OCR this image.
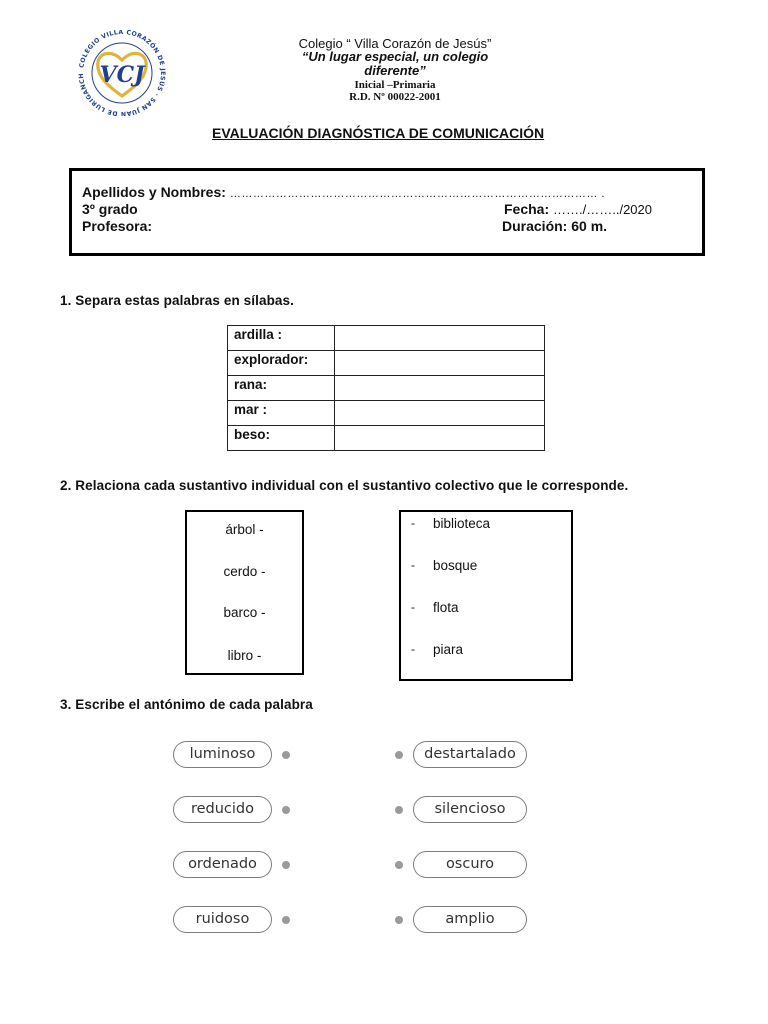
COLEGIO VILLA CORAZÓN DE JESÚS · SAN JUAN DE LURIGANCH VCJ
Colegio “ Villa Corazón de Jesús”
“Un lugar especial, un colegio
diferente”
Inicial –Primaria
R.D. Nº 00022-2001
EVALUACIÓN DIAGNÓSTICA DE COMUNICACIÓN
Apellidos y Nombres: …………………………………………………………………………………… .
3º grado	Fecha: ……./……../2020
Profesora:	Duración: 60 m.
1. Separa estas palabras en sílabas.
ardilla :	
explorador:	
rana:	
mar :	
beso:	
2. Relaciona cada sustantivo individual con el sustantivo colectivo que le corresponde.
árbol -
cerdo -
barco -
libro -
- biblioteca
- bosque
- flota
- piara
3. Escribe el antónimo de cada palabra
luminoso	destartalado
reducido	silencioso
ordenado	oscuro
ruidoso	amplio
